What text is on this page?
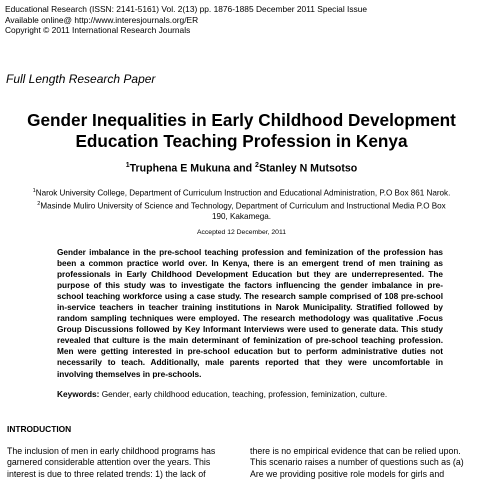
Educational Research (ISSN: 2141-5161) Vol. 2(13) pp. 1876-1885 December 2011 Special Issue
Available online@ http://www.interesjournals.org/ER
Copyright © 2011 International Research Journals
Full Length Research Paper
Gender Inequalities in Early Childhood Development
Education Teaching Profession in Kenya
$^1$Truphena E Mukuna and $^2$Stanley N Mutsotso
$^1$Narok University College, Department of Curriculum Instruction and Educational Administration, P.O Box 861 Narok.
$^2$Masinde Muliro University of Science and Technology, Department of Curriculum and Instructional Media P.O Box
190, Kakamega.
Accepted 12 December, 2011
Gender imbalance in the pre-school teaching profession and feminization of the profession has been a common practice world over. In Kenya, there is an emergent trend of men training as professionals in Early Childhood Development Education but they are underrepresented. The purpose of this study was to investigate the factors influencing the gender imbalance in pre-school teaching workforce using a case study. The research sample comprised of 108 pre-school in-service teachers in teacher training institutions in Narok Municipality. Stratified followed by random sampling techniques were employed. The research methodology was qualitative .Focus Group Discussions followed by Key Informant Interviews were used to generate data. This study revealed that culture is the main determinant of feminization of pre-school teaching profession. Men were getting interested in pre-school education but to perform administrative duties not necessarily to teach. Additionally, male parents reported that they were uncomfortable in involving themselves in pre-schools.
Keywords: Gender, early childhood education, teaching, profession, feminization, culture.
INTRODUCTION
The inclusion of men in early childhood programs has
garnered considerable attention over the years. This
interest is due to three related trends: 1) the lack of
there is no empirical evidence that can be relied upon.
This scenario raises a number of questions such as (a)
Are we providing positive role models for girls and
